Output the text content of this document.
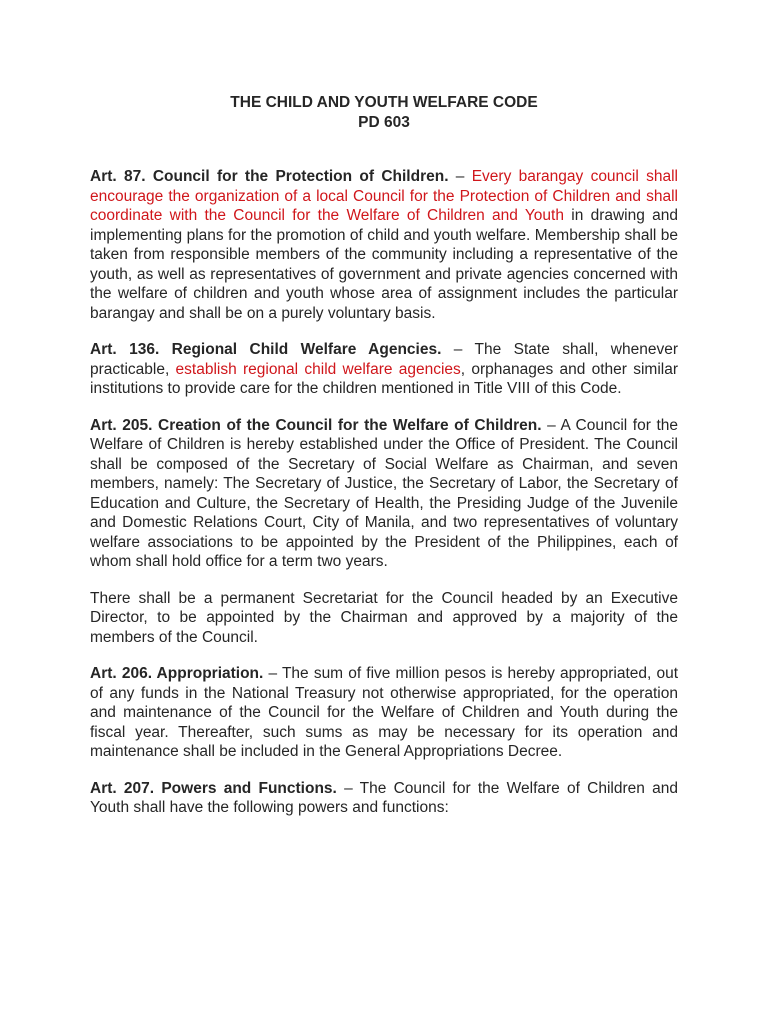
THE CHILD AND YOUTH WELFARE CODE

PD 603

Art. 87. Council for the Protection of Children. – Every barangay council shall encourage the organization of a local Council for the Protection of Children and shall coordinate with the Council for the Welfare of Children and Youth in drawing and implementing plans for the promotion of child and youth welfare. Membership shall be taken from responsible members of the community including a representative of the youth, as well as representatives of government and private agencies concerned with the welfare of children and youth whose area of assignment includes the particular barangay and shall be on a purely voluntary basis.

Art. 136. Regional Child Welfare Agencies. – The State shall, whenever practicable, establish regional child welfare agencies, orphanages and other similar institutions to provide care for the children mentioned in Title VIII of this Code.

Art. 205. Creation of the Council for the Welfare of Children. – A Council for the Welfare of Children is hereby established under the Office of President. The Council shall be composed of the Secretary of Social Welfare as Chairman, and seven members, namely: The Secretary of Justice, the Secretary of Labor, the Secretary of Education and Culture, the Secretary of Health, the Presiding Judge of the Juvenile and Domestic Relations Court, City of Manila, and two representatives of voluntary welfare associations to be appointed by the President of the Philippines, each of whom shall hold office for a term two years.

There shall be a permanent Secretariat for the Council headed by an Executive Director, to be appointed by the Chairman and approved by a majority of the members of the Council.

Art. 206. Appropriation. – The sum of five million pesos is hereby appropriated, out of any funds in the National Treasury not otherwise appropriated, for the operation and maintenance of the Council for the Welfare of Children and Youth during the fiscal year. Thereafter, such sums as may be necessary for its operation and maintenance shall be included in the General Appropriations Decree.

Art. 207. Powers and Functions. – The Council for the Welfare of Children and Youth shall have the following powers and functions:
